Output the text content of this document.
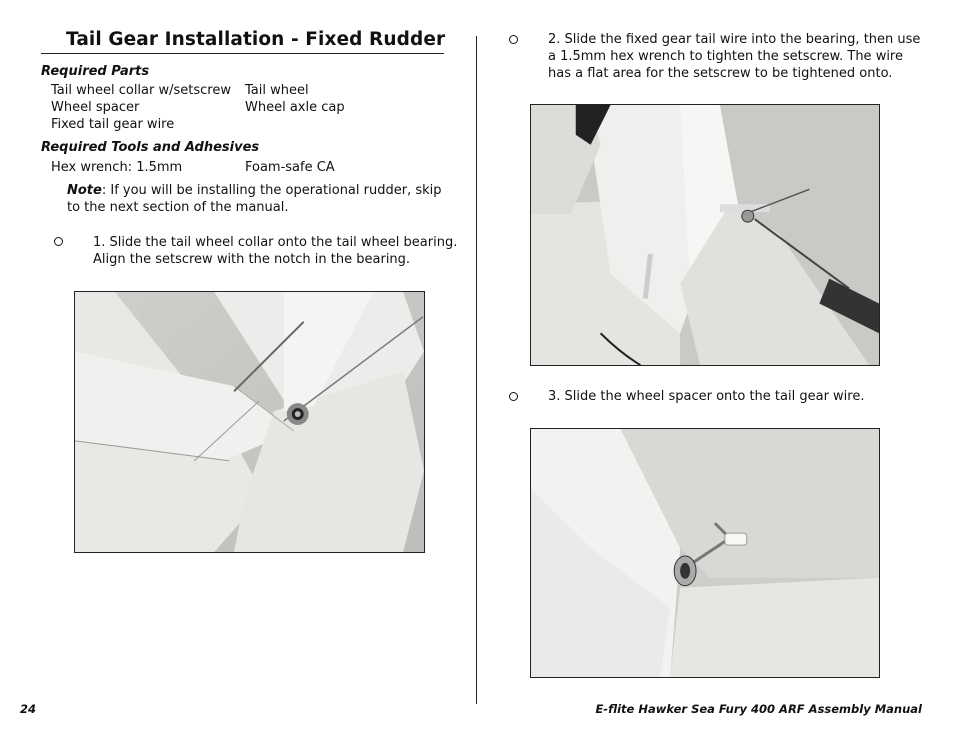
Tail Gear Installation - Fixed Rudder
Required Parts
Tail wheel collar w/setscrew
Wheel spacer
Fixed tail gear wire
Tail wheel
Wheel axle cap
Required Tools and Adhesives
Hex wrench: 1.5mm	Foam-safe CA
Note: If you will be installing the operational rudder, skip
to the next section of the manual.
1. Slide the tail wheel collar onto the tail wheel bearing.
Align the setscrew with the notch in the bearing.
2. Slide the fixed gear tail wire into the bearing, then use
a 1.5mm hex wrench to tighten the setscrew. The wire
has a flat area for the setscrew to be tightened onto.
3. Slide the wheel spacer onto the tail gear wire.
24	E-flite Hawker Sea Fury 400 ARF Assembly Manual
